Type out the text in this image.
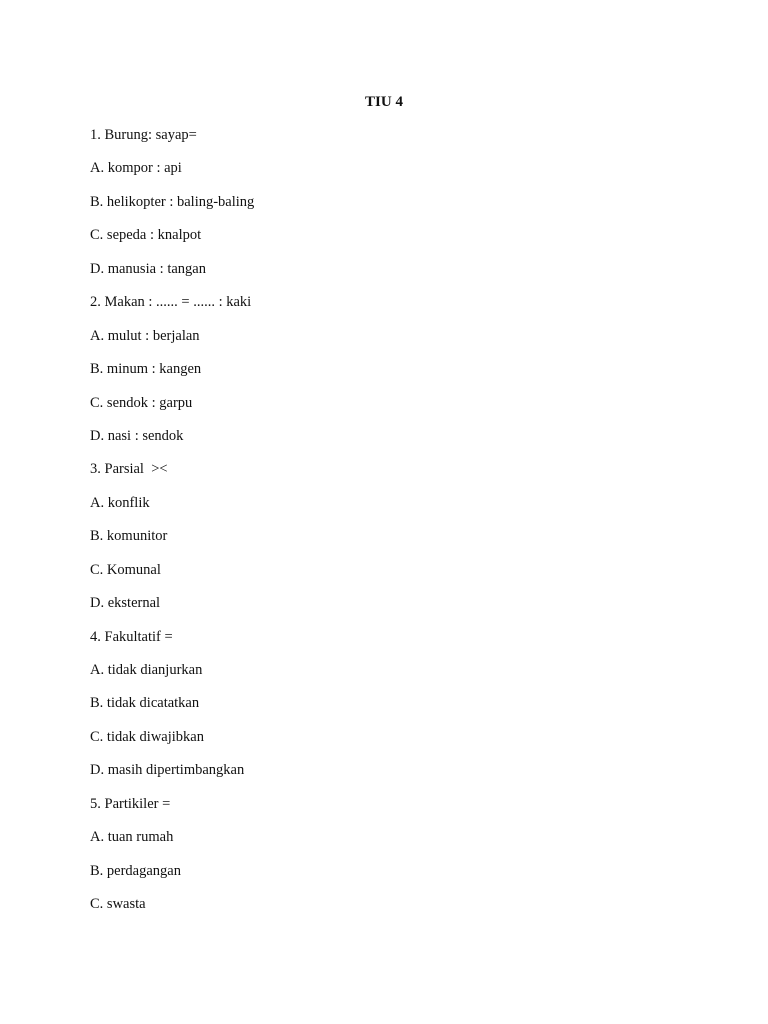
TIU 4
1. Burung: sayap=
A. kompor : api
B. helikopter : baling-baling
C. sepeda : knalpot
D. manusia : tangan
2. Makan : ...... = ...... : kaki
A. mulut : berjalan
B. minum : kangen
C. sendok : garpu
D. nasi : sendok
3. Parsial  ><
A. konflik
B. komunitor
C. Komunal
D. eksternal
4. Fakultatif =
A. tidak dianjurkan
B. tidak dicatatkan
C. tidak diwajibkan
D. masih dipertimbangkan
5. Partikiler =
A. tuan rumah
B. perdagangan
C. swasta
